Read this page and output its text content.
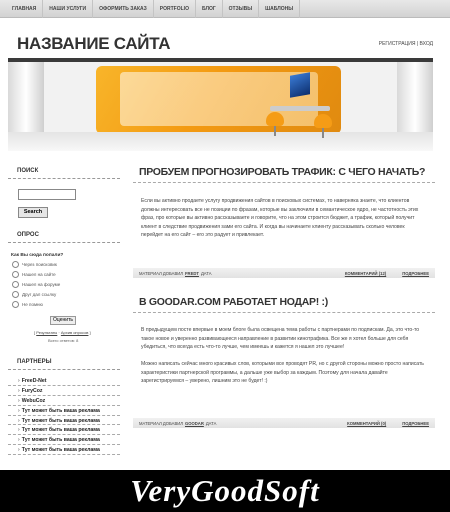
ГЛАВНАЯ	НАШИ УСЛУГИ	ОФОРМИТЬ ЗАКАЗ	PORTFOLIO	БЛОГ	ОТЗЫВЫ	ШАБЛОНЫ
НАЗВАНИЕ САЙТА	РЕГИСТРАЦИЯ | ВХОД
ПОИСК
Search
ОПРОС
Как Вы сюда попали?
Через поисковик
Нашел на сайте
Нашел на форуме
Друг дал ссылку
Не помню
Оценить
[ Результаты · Архив опросов ]
Всего ответов: 8
ПАРТНЕРЫ
› FreeD-Net
› FuryCoz
› WebuCoz
› Тут может быть ваша реклама
› Тут может быть ваша реклама
› Тут может быть ваша реклама
› Тут может быть ваша реклама
› Тут может быть ваша реклама
ПРОБУЕМ ПРОГНОЗИРОВАТЬ ТРАФИК: С ЧЕГО НАЧАТЬ?
Если вы активно продаете услугу продвижения сайтов в поисковых системах, то наверняка знаете, что клиентов должны интересовать все не позиции по фразам, которые вы заключили в семантическое ядро, не частотность этих фраз, про которые вы активно рассказываете и говорите, что на этом строится бюджет, а трафик, который получит клиент в следствие продвижения sами его сайта. И когда вы начинаете клиенту рассказывать сколько человек перейдет на его сайт – его это радует и привлекает.
МАТЕРИАЛ ДОБАВИЛ FREDT ДАТА	КОММЕНТАРИЙ (12)	ПОДРОБНЕЕ
В GOODAR.COM РАБОТАЕТ НОДАР! :)
В предыдущем посте впервые в моем блоге была освещена тема работы с партнерами по подпискам. Да, это что-то такое новое и уверенно развивающееся направление в развитии кинотрафика. Все же я хотел больше для себя убедиться, что всегда есть что-то лучше, чем имеешь и кажется я нашел это лучшее!

Можно написать сейчас много красивых слов, которыми все проводят PR, но с другой стороны можно просто написать характеристики партнерской программы, а дальше уже выбор за каждым. Поэтому для начала давайте зарегистрируемся – уверено, лишним это не будет! :)
МАТЕРИАЛ ДОБАВИЛ GOODAR ДАТА	КОММЕНТАРИЙ (0)	ПОДРОБНЕЕ
VeryGoodSoft
